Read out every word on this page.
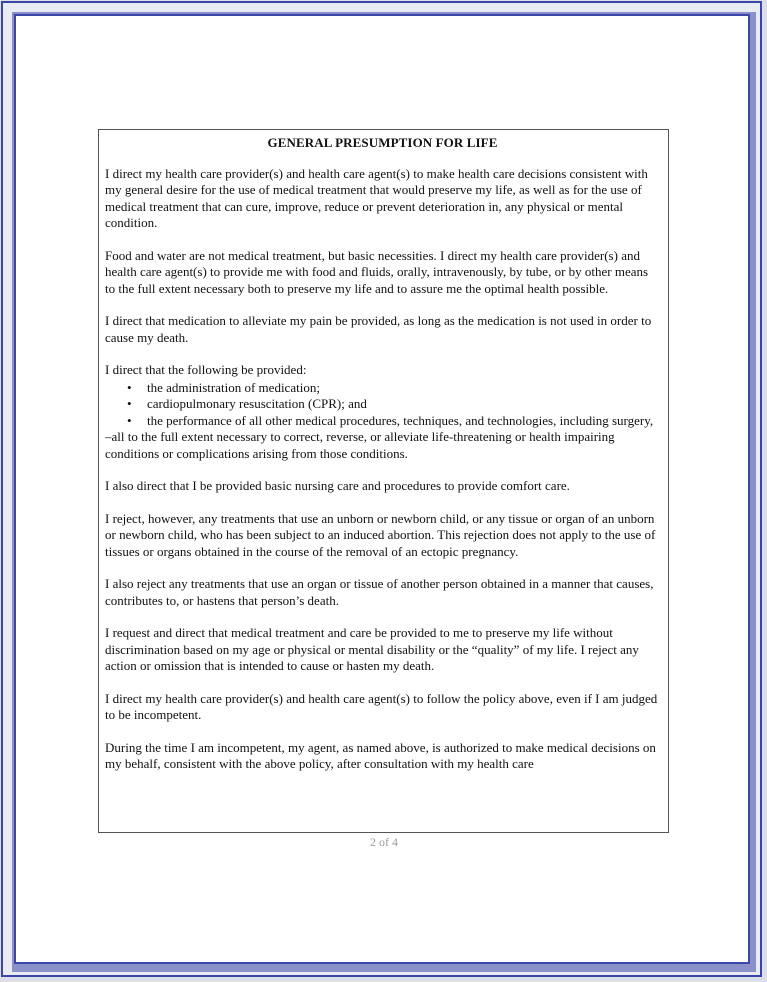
GENERAL PRESUMPTION FOR LIFE

I direct my health care provider(s) and health care agent(s) to make health care decisions consistent with my general desire for the use of medical treatment that would preserve my life, as well as for the use of medical treatment that can cure, improve, reduce or prevent deterioration in, any physical or mental condition.

Food and water are not medical treatment, but basic necessities. I direct my health care provider(s) and health care agent(s) to provide me with food and fluids, orally, intravenously, by tube, or by other means to the full extent necessary both to preserve my life and to assure me the optimal health possible.

I direct that medication to alleviate my pain be provided, as long as the medication is not used in order to cause my death.

I direct that the following be provided:

• the administration of medication;
• cardiopulmonary resuscitation (CPR); and
• the performance of all other medical procedures, techniques, and technologies, including surgery,

–all to the full extent necessary to correct, reverse, or alleviate life-threatening or health impairing conditions or complications arising from those conditions.

I also direct that I be provided basic nursing care and procedures to provide comfort care.

I reject, however, any treatments that use an unborn or newborn child, or any tissue or organ of an unborn or newborn child, who has been subject to an induced abortion. This rejection does not apply to the use of tissues or organs obtained in the course of the removal of an ectopic pregnancy.

I also reject any treatments that use an organ or tissue of another person obtained in a manner that causes, contributes to, or hastens that person’s death.

I request and direct that medical treatment and care be provided to me to preserve my life without discrimination based on my age or physical or mental disability or the “quality” of my life. I reject any action or omission that is intended to cause or hasten my death.

I direct my health care provider(s) and health care agent(s) to follow the policy above, even if I am judged to be incompetent.

During the time I am incompetent, my agent, as named above, is authorized to make medical decisions on my behalf, consistent with the above policy, after consultation with my health care

2 of 4
